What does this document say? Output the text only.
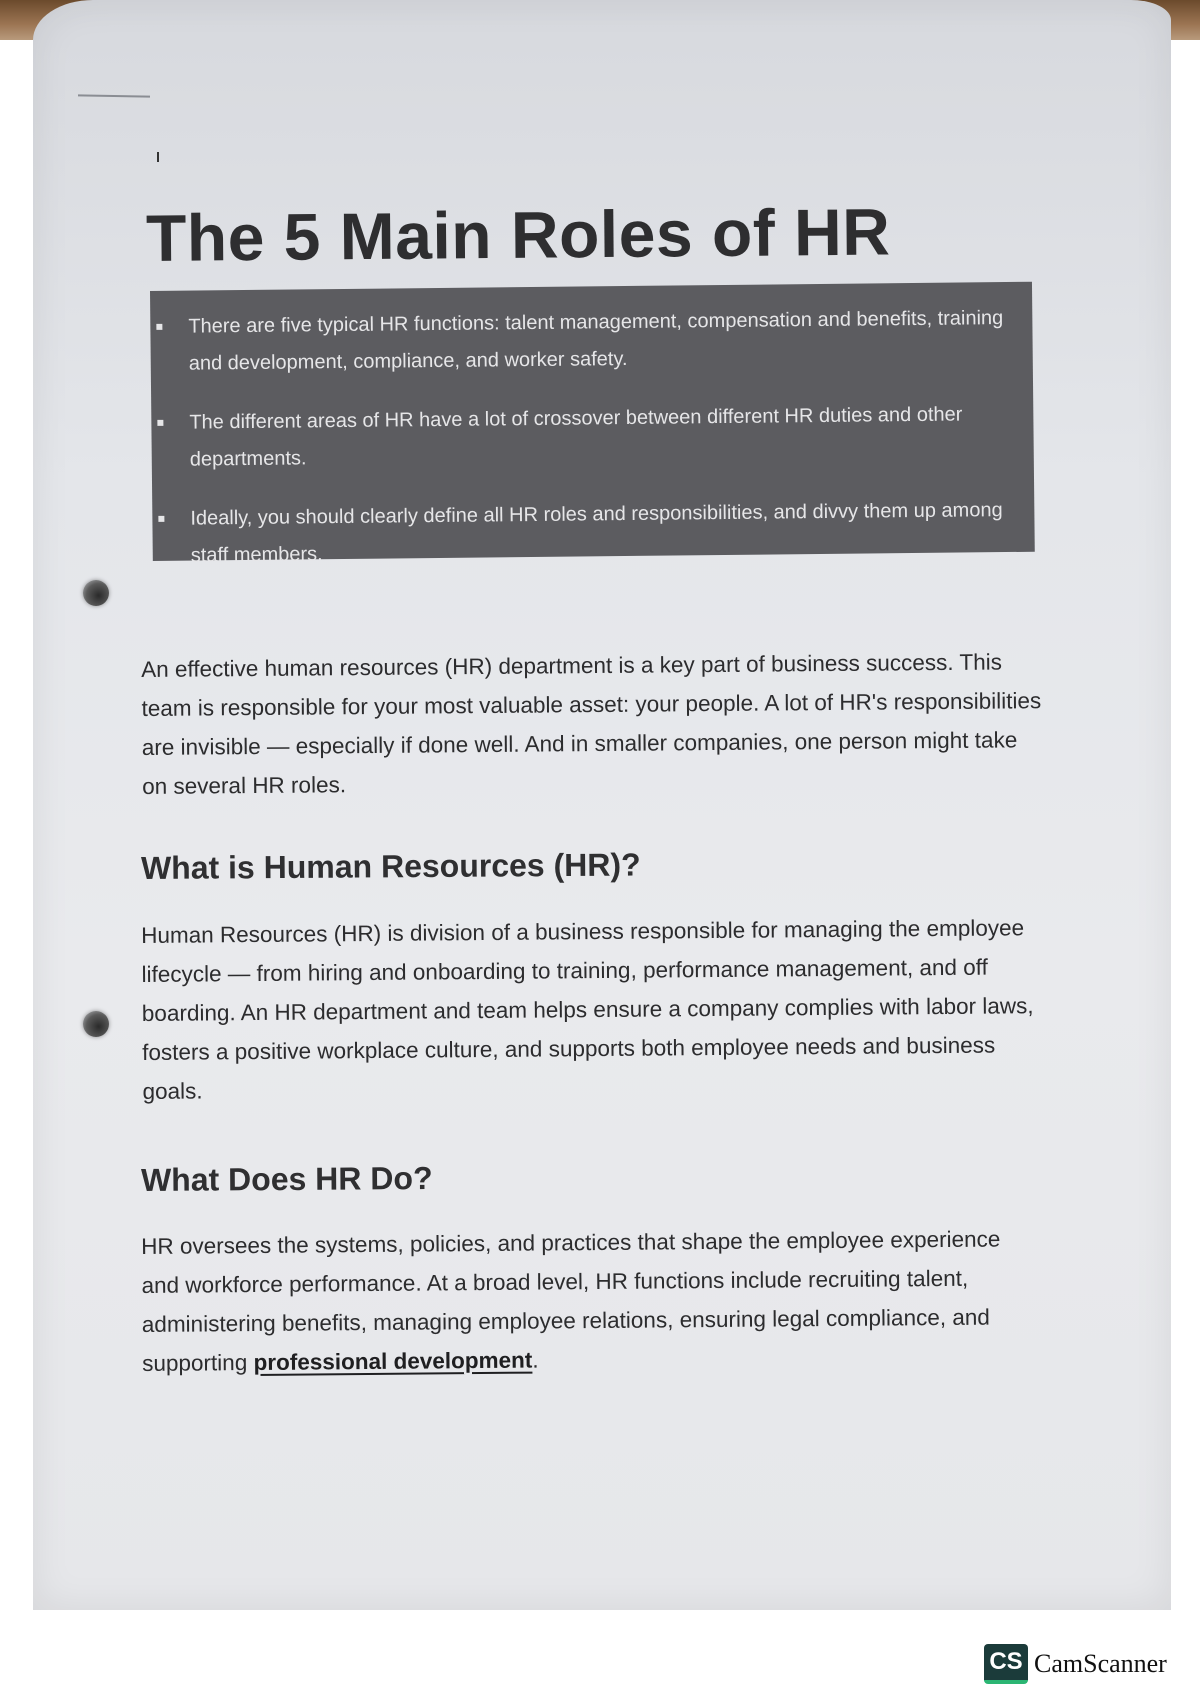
The 5 Main Roles of HR
There are five typical HR functions: talent management, compensation and benefits, training and development, compliance, and worker safety.
The different areas of HR have a lot of crossover between different HR duties and other departments.
Ideally, you should clearly define all HR roles and responsibilities, and divvy them up among staff members.

An effective human resources (HR) department is a key part of business success. This team is responsible for your most valuable asset: your people. A lot of HR's responsibilities are invisible — especially if done well. And in smaller companies, one person might take on several HR roles.

What is Human Resources (HR)?

Human Resources (HR) is division of a business responsible for managing the employee lifecycle — from hiring and onboarding to training, performance management, and off boarding. An HR department and team helps ensure a company complies with labor laws, fosters a positive workplace culture, and supports both employee needs and business goals.

What Does HR Do?

HR oversees the systems, policies, and practices that shape the employee experience and workforce performance. At a broad level, HR functions include recruiting talent, administering benefits, managing employee relations, ensuring legal compliance, and supporting professional development.

CS CamScanner
